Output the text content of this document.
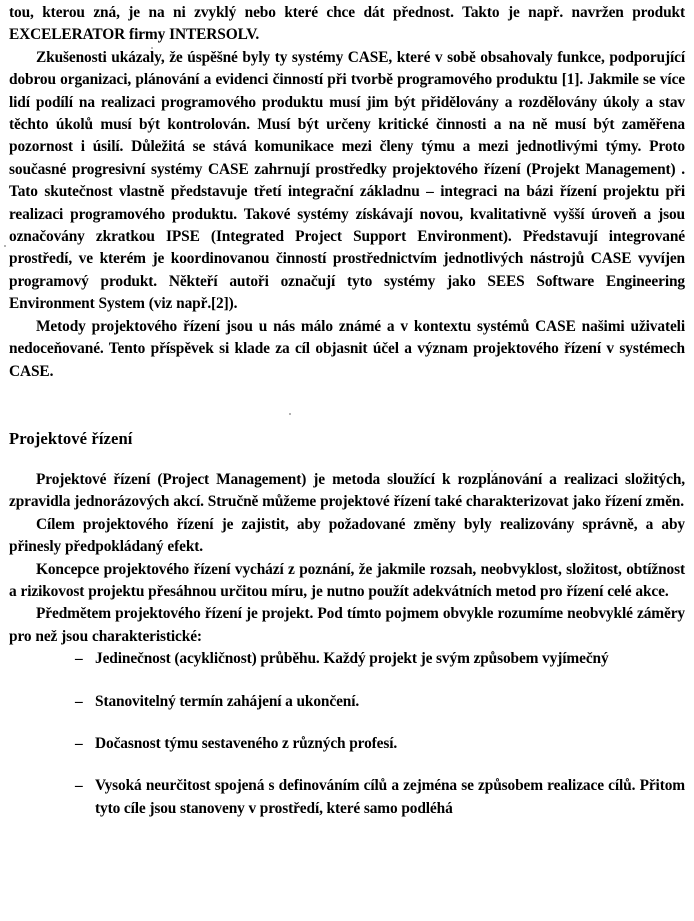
tou, kterou zná, je na ni zvyklý nebo které chce dát přednost. Takto je např. navržen produkt EXCELERATOR firmy INTERSOLV.

Zkušenosti ukázaly, že úspěšné byly ty systémy CASE, které v sobě obsahovaly funkce, podporující dobrou organizaci, plánování a evidenci činností při tvorbě programového produktu [1]. Jakmile se více lidí podílí na realizaci programového produktu musí jim být přidělovány a rozdělovány úkoly a stav těchto úkolů musí být kontrolován. Musí být určeny kritické činnosti a na ně musí být zaměřena pozornost i úsilí. Důležitá se stává komunikace mezi členy týmu a mezi jednotlivými týmy. Proto současné progresivní systémy CASE zahrnují prostředky projektového řízení (Projekt Management) . Tato skutečnost vlastně představuje třetí integrační základnu – integraci na bázi řízení projektu při realizaci programového produktu. Takové systémy získávají novou, kvalitativně vyšší úroveň a jsou označovány zkratkou IPSE (Integrated Project Support Environment). Představují integrované prostředí, ve kterém je koordinovanou činností prostřednictvím jednotlivých nástrojů CASE vyvíjen programový produkt. Někteří autoři označují tyto systémy jako SEES Software Engineering Environment System (viz např.[2]).

Metody projektového řízení jsou u nás málo známé a v kontextu systémů CASE našimi uživateli nedoceňované. Tento příspěvek si klade za cíl objasnit účel a význam projektového řízení v systémech CASE.

Projektové řízení

Projektové řízení (Project Management) je metoda sloužící k rozplánování a realizaci složitých, zpravidla jednorázových akcí. Stručně můžeme projektové řízení také charakterizovat jako řízení změn.

Cílem projektového řízení je zajistit, aby požadované změny byly realizovány správně, a aby přinesly předpokládaný efekt.

Koncepce projektového řízení vychází z poznání, že jakmile rozsah, neobvyklost, složitost, obtížnost a rizikovost projektu přesáhnou určitou míru, je nutno použít adekvátních metod pro řízení celé akce.

Předmětem projektového řízení je projekt. Pod tímto pojmem obvykle rozumíme neobvyklé záměry pro než jsou charakteristické:

– Jedinečnost (acykličnost) průběhu. Každý projekt je svým způsobem vyjímečný
– Stanovitelný termín zahájení a ukončení.
– Dočasnost týmu sestaveného z různých profesí.
– Vysoká neurčitost spojená s definováním cílů a zejména se způsobem realizace cílů. Přitom tyto cíle jsou stanoveny v prostředí, které samo podléhá
